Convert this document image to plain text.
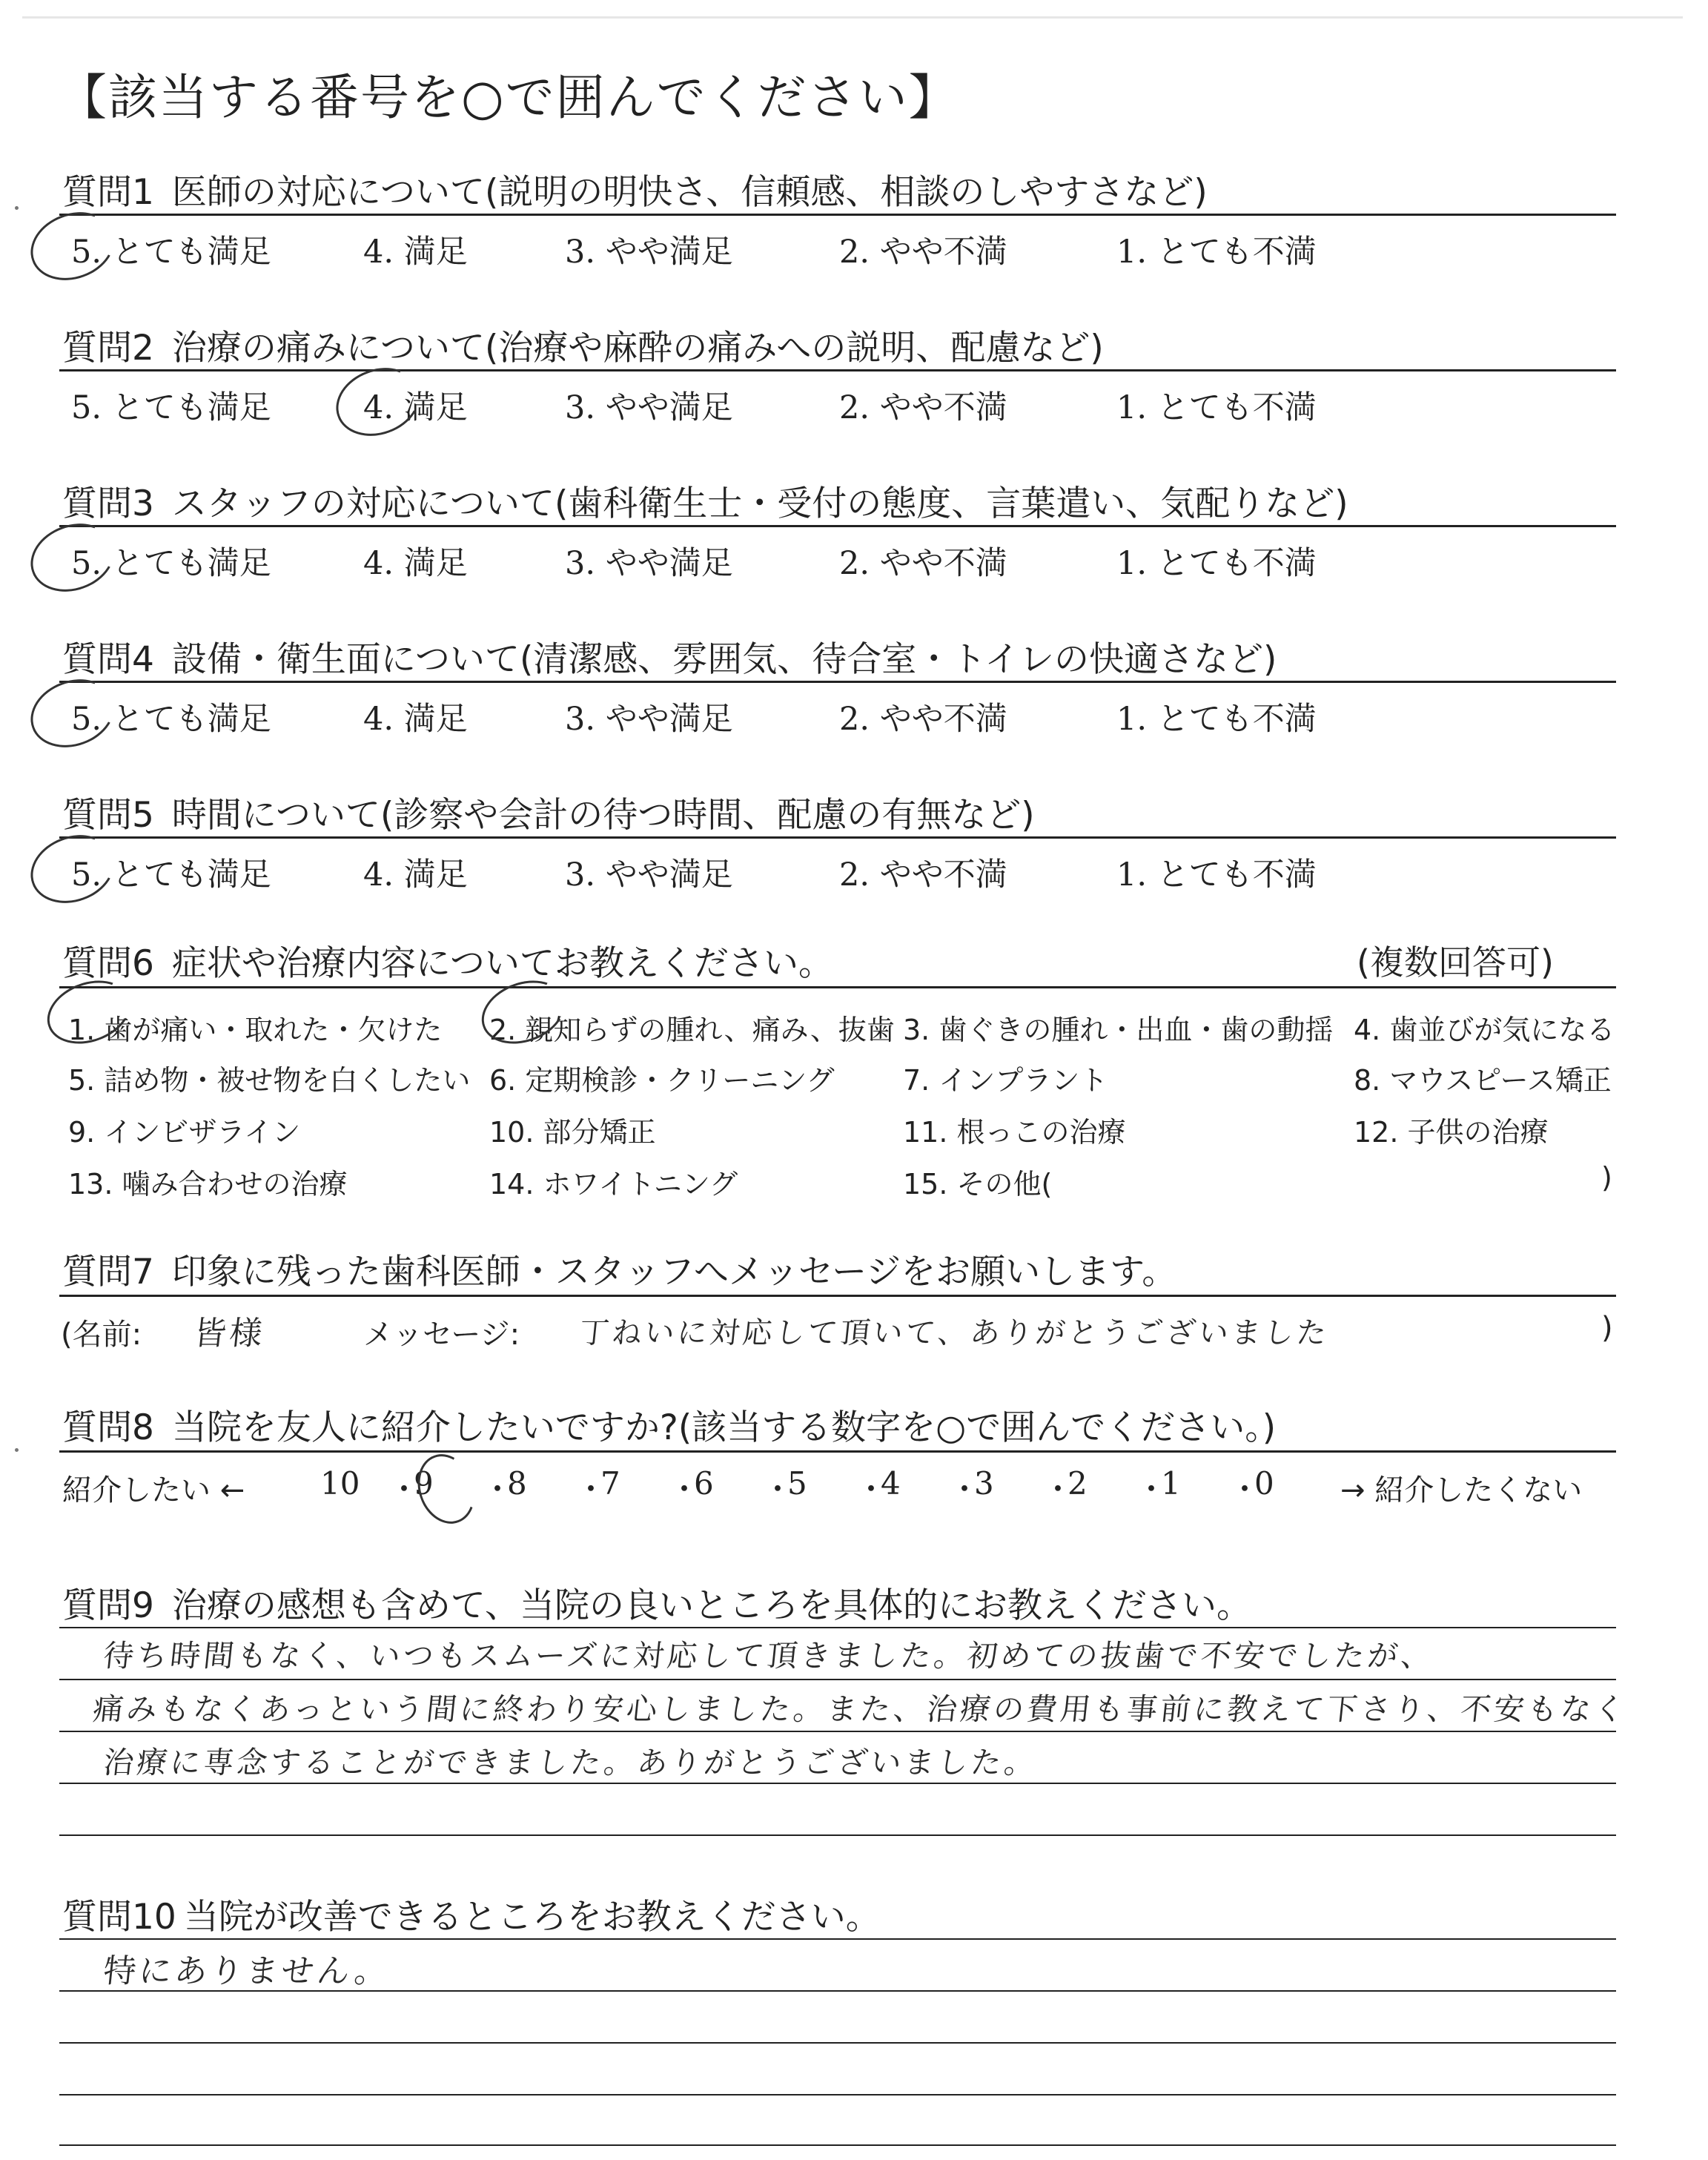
【該当する番号を○で囲んでください】
質問1 医師の対応について(説明の明快さ、信頼感、相談のしやすさなど)
5. とても満足	4. 満足	3. やや満足	2. やや不満	1. とても不満
質問2 治療の痛みについて(治療や麻酔の痛みへの説明、配慮など)
5. とても満足	4. 満足	3. やや満足	2. やや不満	1. とても不満
質問3 スタッフの対応について(歯科衛生士・受付の態度、言葉遣い、気配りなど)
5. とても満足	4. 満足	3. やや満足	2. やや不満	1. とても不満
質問4 設備・衛生面について(清潔感、雰囲気、待合室・トイレの快適さなど)
5. とても満足	4. 満足	3. やや満足	2. やや不満	1. とても不満
質問5 時間について(診察や会計の待つ時間、配慮の有無など)
5. とても満足	4. 満足	3. やや満足	2. やや不満	1. とても不満
質問6 症状や治療内容についてお教えください。	(複数回答可)
1. 歯が痛い・取れた・欠けた 2. 親知らずの腫れ、痛み、抜歯 3. 歯ぐきの腫れ・出血・歯の動揺 4. 歯並びが気になる
5. 詰め物・被せ物を白くしたい 6. 定期検診・クリーニング 7. インプラント	8. マウスピース矯正
9. インビザライン	10. 部分矯正	11. 根っこの治療	12. 子供の治療
13. 噛み合わせの治療	14. ホワイトニング	15. その他(	)
質問7 印象に残った歯科医師・スタッフへメッセージをお願いします。
(名前: 皆様	メッセージ: 丁ねいに対応して頂いて、ありがとうございました	)
質問8 当院を友人に紹介したいですか?(該当する数字を○で囲んでください。)
紹介したい ←	→ 紹介したくない
10 ・
9 ・
8 ・
7 ・
6 ・
5 ・
4 ・
3 ・
2 ・
1 ・
0
質問9 治療の感想も含めて、当院の良いところを具体的にお教えください。
待ち時間もなく、いつもスムーズに対応して頂きました。初めての抜歯で不安でしたが、
痛みもなくあっという間に終わり安心しました。また、治療の費用も事前に教えて下さり、不安もなく
治療に専念することができました。ありがとうございました。
質問10 当院が改善できるところをお教えください。
特にありません。
